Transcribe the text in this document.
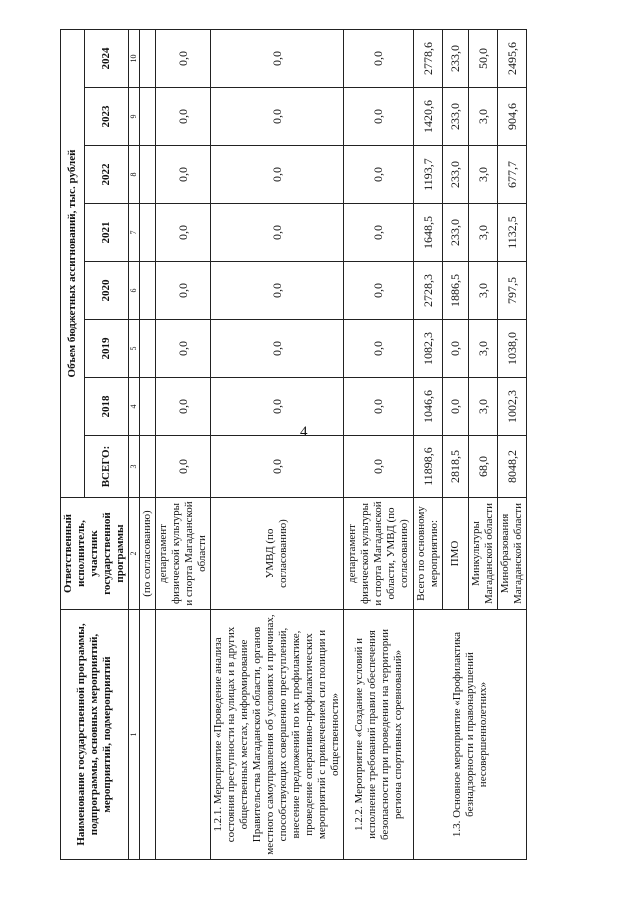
4
Наименование государственной программы, подпрограммы, основных мероприятий, мероприятий, подмероприятий	Ответственный исполнитель, участник государственной программы	Объем бюджетных ассигнований, тыс. рублей							
		ВСЕГО:	2018	2019	2020	2021	2022	2023	2024
1	2	3	4	5	6	7	8	9	10
	(по согласованию)								
	департамент физической культуры и спорта Магаданской области	0,0	0,0	0,0	0,0	0,0	0,0	0,0	0,0
1.2.1. Мероприятие «Проведение анализа состояния преступности на улицах и в других общественных местах, информирование Правительства Магаданской области, органов местного самоуправления об условиях и причинах, способствующих совершению преступлений, внесение предложений по их профилактике, проведение оперативно-профилактических мероприятий с привлечением сил полиции и общественности»	УМВД (по согласованию)	0,0	0,0	0,0	0,0	0,0	0,0	0,0	0,0
1.2.2. Мероприятие «Создание условий и исполнение требований правил обеспечения безопасности при проведении на территории региона спортивных соревнований»	департамент физической культуры и спорта Магаданской области, УМВД (по согласованию)	0,0	0,0	0,0	0,0	0,0	0,0	0,0	0,0
1.3. Основное мероприятие «Профилактика безнадзорности и правонарушений несовершеннолетних»	Всего по основному мероприятию:	11898,6	1046,6	1082,3	2728,3	1648,5	1193,7	1420,6	2778,6
	ПМО	2818,5	0,0	0,0	1886,5	233,0	233,0	233,0	233,0
	Минкультуры Магаданской области	68,0	3,0	3,0	3,0	3,0	3,0	3,0	50,0
	Минобразования Магаданской области	8048,2	1002,3	1038,0	797,5	1132,5	677,7	904,6	2495,6
